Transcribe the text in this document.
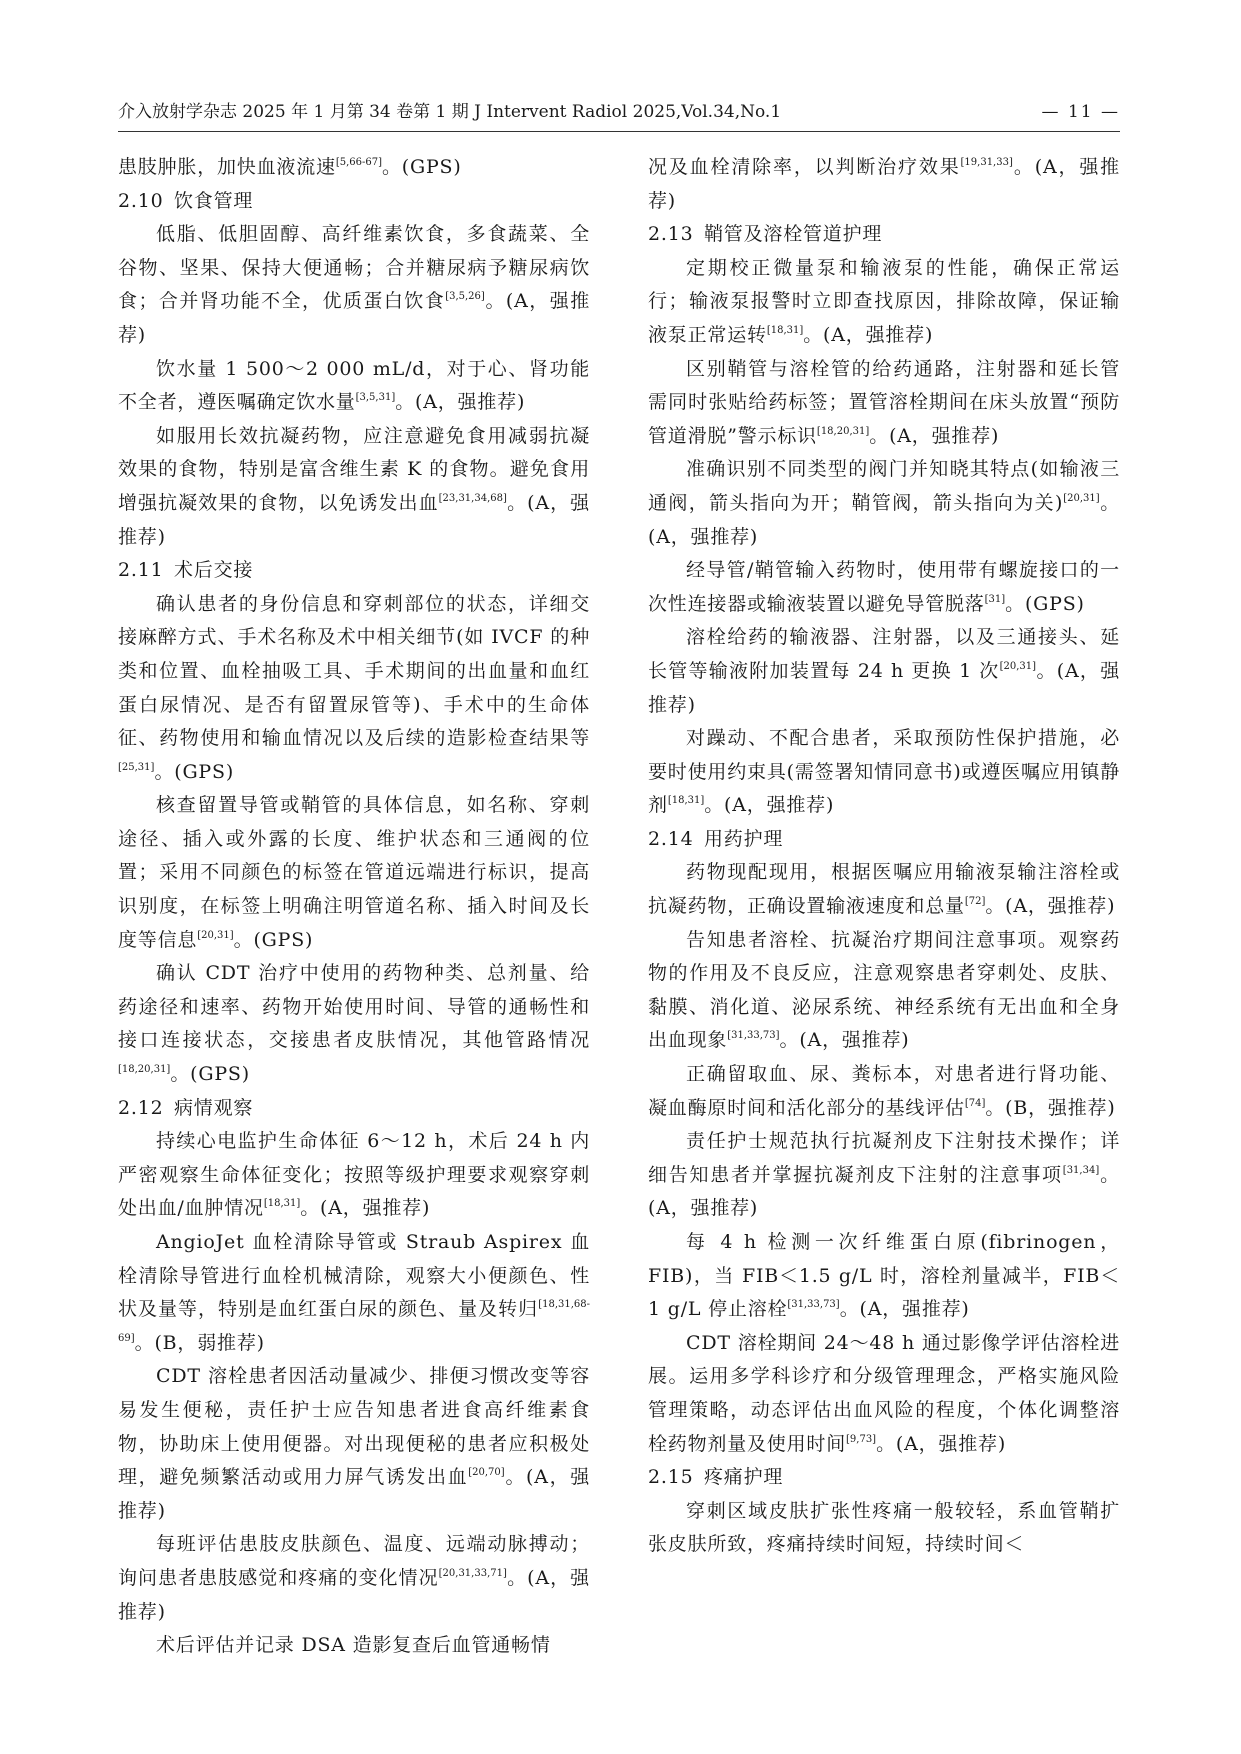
介入放射学杂志 2025 年 1 月第 34 卷第 1 期 J Intervent Radiol 2025,Vol.34,No.1	— 11 —

患肢肿胀，加快血液流速[5,66-67]。(GPS)

2.10 饮食管理

低脂、低胆固醇、高纤维素饮食，多食蔬菜、全谷物、坚果、保持大便通畅；合并糖尿病予糖尿病饮食；合并肾功能不全，优质蛋白饮食[3,5,26]。(A，强推荐)

饮水量 1 500～2 000 mL/d，对于心、肾功能不全者，遵医嘱确定饮水量[3,5,31]。(A，强推荐)

如服用长效抗凝药物，应注意避免食用减弱抗凝效果的食物，特别是富含维生素 K 的食物。避免食用增强抗凝效果的食物，以免诱发出血[23,31,34,68]。(A，强推荐)

2.11 术后交接

确认患者的身份信息和穿刺部位的状态，详细交接麻醉方式、手术名称及术中相关细节(如 IVCF 的种类和位置、血栓抽吸工具、手术期间的出血量和血红蛋白尿情况、是否有留置尿管等)、手术中的生命体征、药物使用和输血情况以及后续的造影检查结果等[25,31]。(GPS)

核查留置导管或鞘管的具体信息，如名称、穿刺途径、插入或外露的长度、维护状态和三通阀的位置；采用不同颜色的标签在管道远端进行标识，提高识别度，在标签上明确注明管道名称、插入时间及长度等信息[20,31]。(GPS)

确认 CDT 治疗中使用的药物种类、总剂量、给药途径和速率、药物开始使用时间、导管的通畅性和接口连接状态，交接患者皮肤情况，其他管路情况[18,20,31]。(GPS)

2.12 病情观察

持续心电监护生命体征 6～12 h，术后 24 h 内严密观察生命体征变化；按照等级护理要求观察穿刺处出血/血肿情况[18,31]。(A，强推荐)

AngioJet 血栓清除导管或 Straub Aspirex 血栓清除导管进行血栓机械清除，观察大小便颜色、性状及量等，特别是血红蛋白尿的颜色、量及转归[18,31,68-69]。(B，弱推荐)

CDT 溶栓患者因活动量减少、排便习惯改变等容易发生便秘，责任护士应告知患者进食高纤维素食物，协助床上使用便器。对出现便秘的患者应积极处理，避免频繁活动或用力屏气诱发出血[20,70]。(A，强推荐)

每班评估患肢皮肤颜色、温度、远端动脉搏动；询问患者患肢感觉和疼痛的变化情况[20,31,33,71]。(A，强推荐)

术后评估并记录 DSA 造影复查后血管通畅情

况及血栓清除率，以判断治疗效果[19,31,33]。(A，强推荐)

2.13 鞘管及溶栓管道护理

定期校正微量泵和输液泵的性能，确保正常运行；输液泵报警时立即查找原因，排除故障，保证输液泵正常运转[18,31]。(A，强推荐)

区别鞘管与溶栓管的给药通路，注射器和延长管需同时张贴给药标签；置管溶栓期间在床头放置“预防管道滑脱”警示标识[18,20,31]。(A，强推荐)

准确识别不同类型的阀门并知晓其特点(如输液三通阀，箭头指向为开；鞘管阀，箭头指向为关)[20,31]。(A，强推荐)

经导管/鞘管输入药物时，使用带有螺旋接口的一次性连接器或输液装置以避免导管脱落[31]。(GPS)

溶栓给药的输液器、注射器，以及三通接头、延长管等输液附加装置每 24 h 更换 1 次[20,31]。(A，强推荐)

对躁动、不配合患者，采取预防性保护措施，必要时使用约束具(需签署知情同意书)或遵医嘱应用镇静剂[18,31]。(A，强推荐)

2.14 用药护理

药物现配现用，根据医嘱应用输液泵输注溶栓或抗凝药物，正确设置输液速度和总量[72]。(A，强推荐)

告知患者溶栓、抗凝治疗期间注意事项。观察药物的作用及不良反应，注意观察患者穿刺处、皮肤、黏膜、消化道、泌尿系统、神经系统有无出血和全身出血现象[31,33,73]。(A，强推荐)

正确留取血、尿、粪标本，对患者进行肾功能、凝血酶原时间和活化部分的基线评估[74]。(B，强推荐)

责任护士规范执行抗凝剂皮下注射技术操作；详细告知患者并掌握抗凝剂皮下注射的注意事项[31,34]。(A，强推荐)

每 4 h 检测一次纤维蛋白原(fibrinogen，FIB)，当 FIB＜1.5 g/L 时，溶栓剂量减半，FIB＜1 g/L 停止溶栓[31,33,73]。(A，强推荐)

CDT 溶栓期间 24～48 h 通过影像学评估溶栓进展。运用多学科诊疗和分级管理理念，严格实施风险管理策略，动态评估出血风险的程度，个体化调整溶栓药物剂量及使用时间[9,73]。(A，强推荐)

2.15 疼痛护理

穿刺区域皮肤扩张性疼痛一般较轻，系血管鞘扩张皮肤所致，疼痛持续时间短，持续时间＜
